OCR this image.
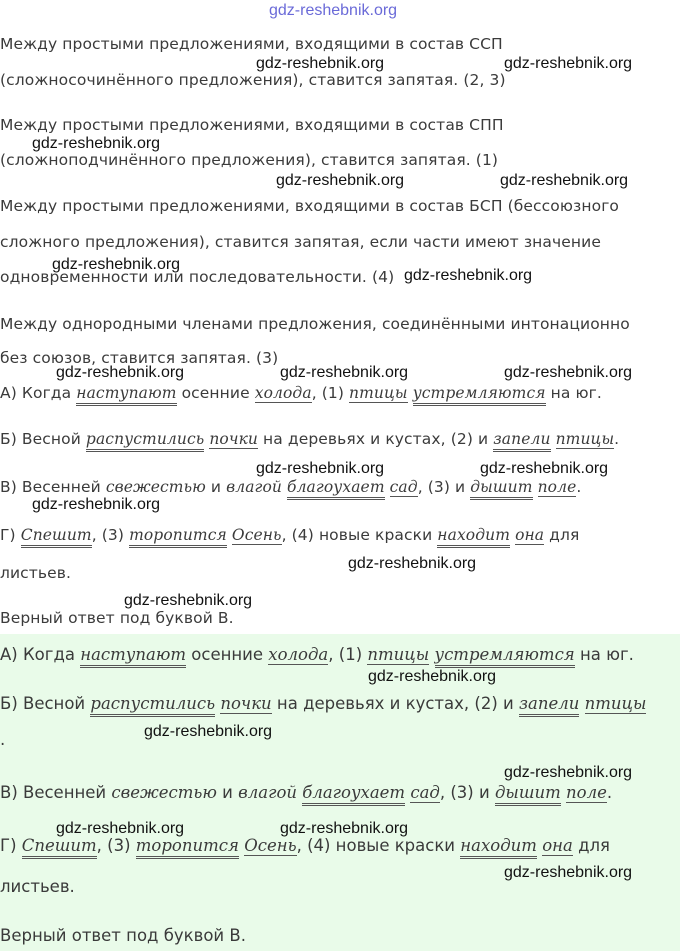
gdz-reshebnik.org
Между простыми предложениями, входящими в состав ССП
(сложносочинённого предложения), ставится запятая. (2, 3)
Между простыми предложениями, входящими в состав СПП
(сложноподчинённого предложения), ставится запятая. (1)
Между простыми предложениями, входящими в состав БСП (бессоюзного
сложного предложения), ставится запятая, если части имеют значение
одновременности или последовательности. (4)
Между однородными членами предложения, соединёнными интонационно
без союзов, ставится запятая. (3)
А) Когда наступают осенние холода, (1) птицы устремляются на юг.
Б) Весной распустились почки на деревьях и кустах, (2) и запели птицы.
В) Весенней свежестью и влагой благоухает сад, (3) и дышит поле.
Г) Спешит, (3) торопится Осень, (4) новые краски находит она для
листьев.
Верный ответ под буквой В.
А) Когда наступают осенние холода, (1) птицы устремляются на юг.
Б) Весной распустились почки на деревьях и кустах, (2) и запели птицы
.
В) Весенней свежестью и влагой благоухает сад, (3) и дышит поле.
Г) Спешит, (3) торопится Осень, (4) новые краски находит она для
листьев.
Верный ответ под буквой В.
gdz-reshebnik.org	gdz-reshebnik.org
gdz-reshebnik.org
gdz-reshebnik.org	gdz-reshebnik.org
gdz-reshebnik.org
gdz-reshebnik.org
gdz-reshebnik.org	gdz-reshebnik.org	gdz-reshebnik.org
gdz-reshebnik.org	gdz-reshebnik.org
gdz-reshebnik.org
gdz-reshebnik.org
gdz-reshebnik.org
gdz-reshebnik.org
gdz-reshebnik.org
gdz-reshebnik.org
gdz-reshebnik.org	gdz-reshebnik.org
gdz-reshebnik.org
